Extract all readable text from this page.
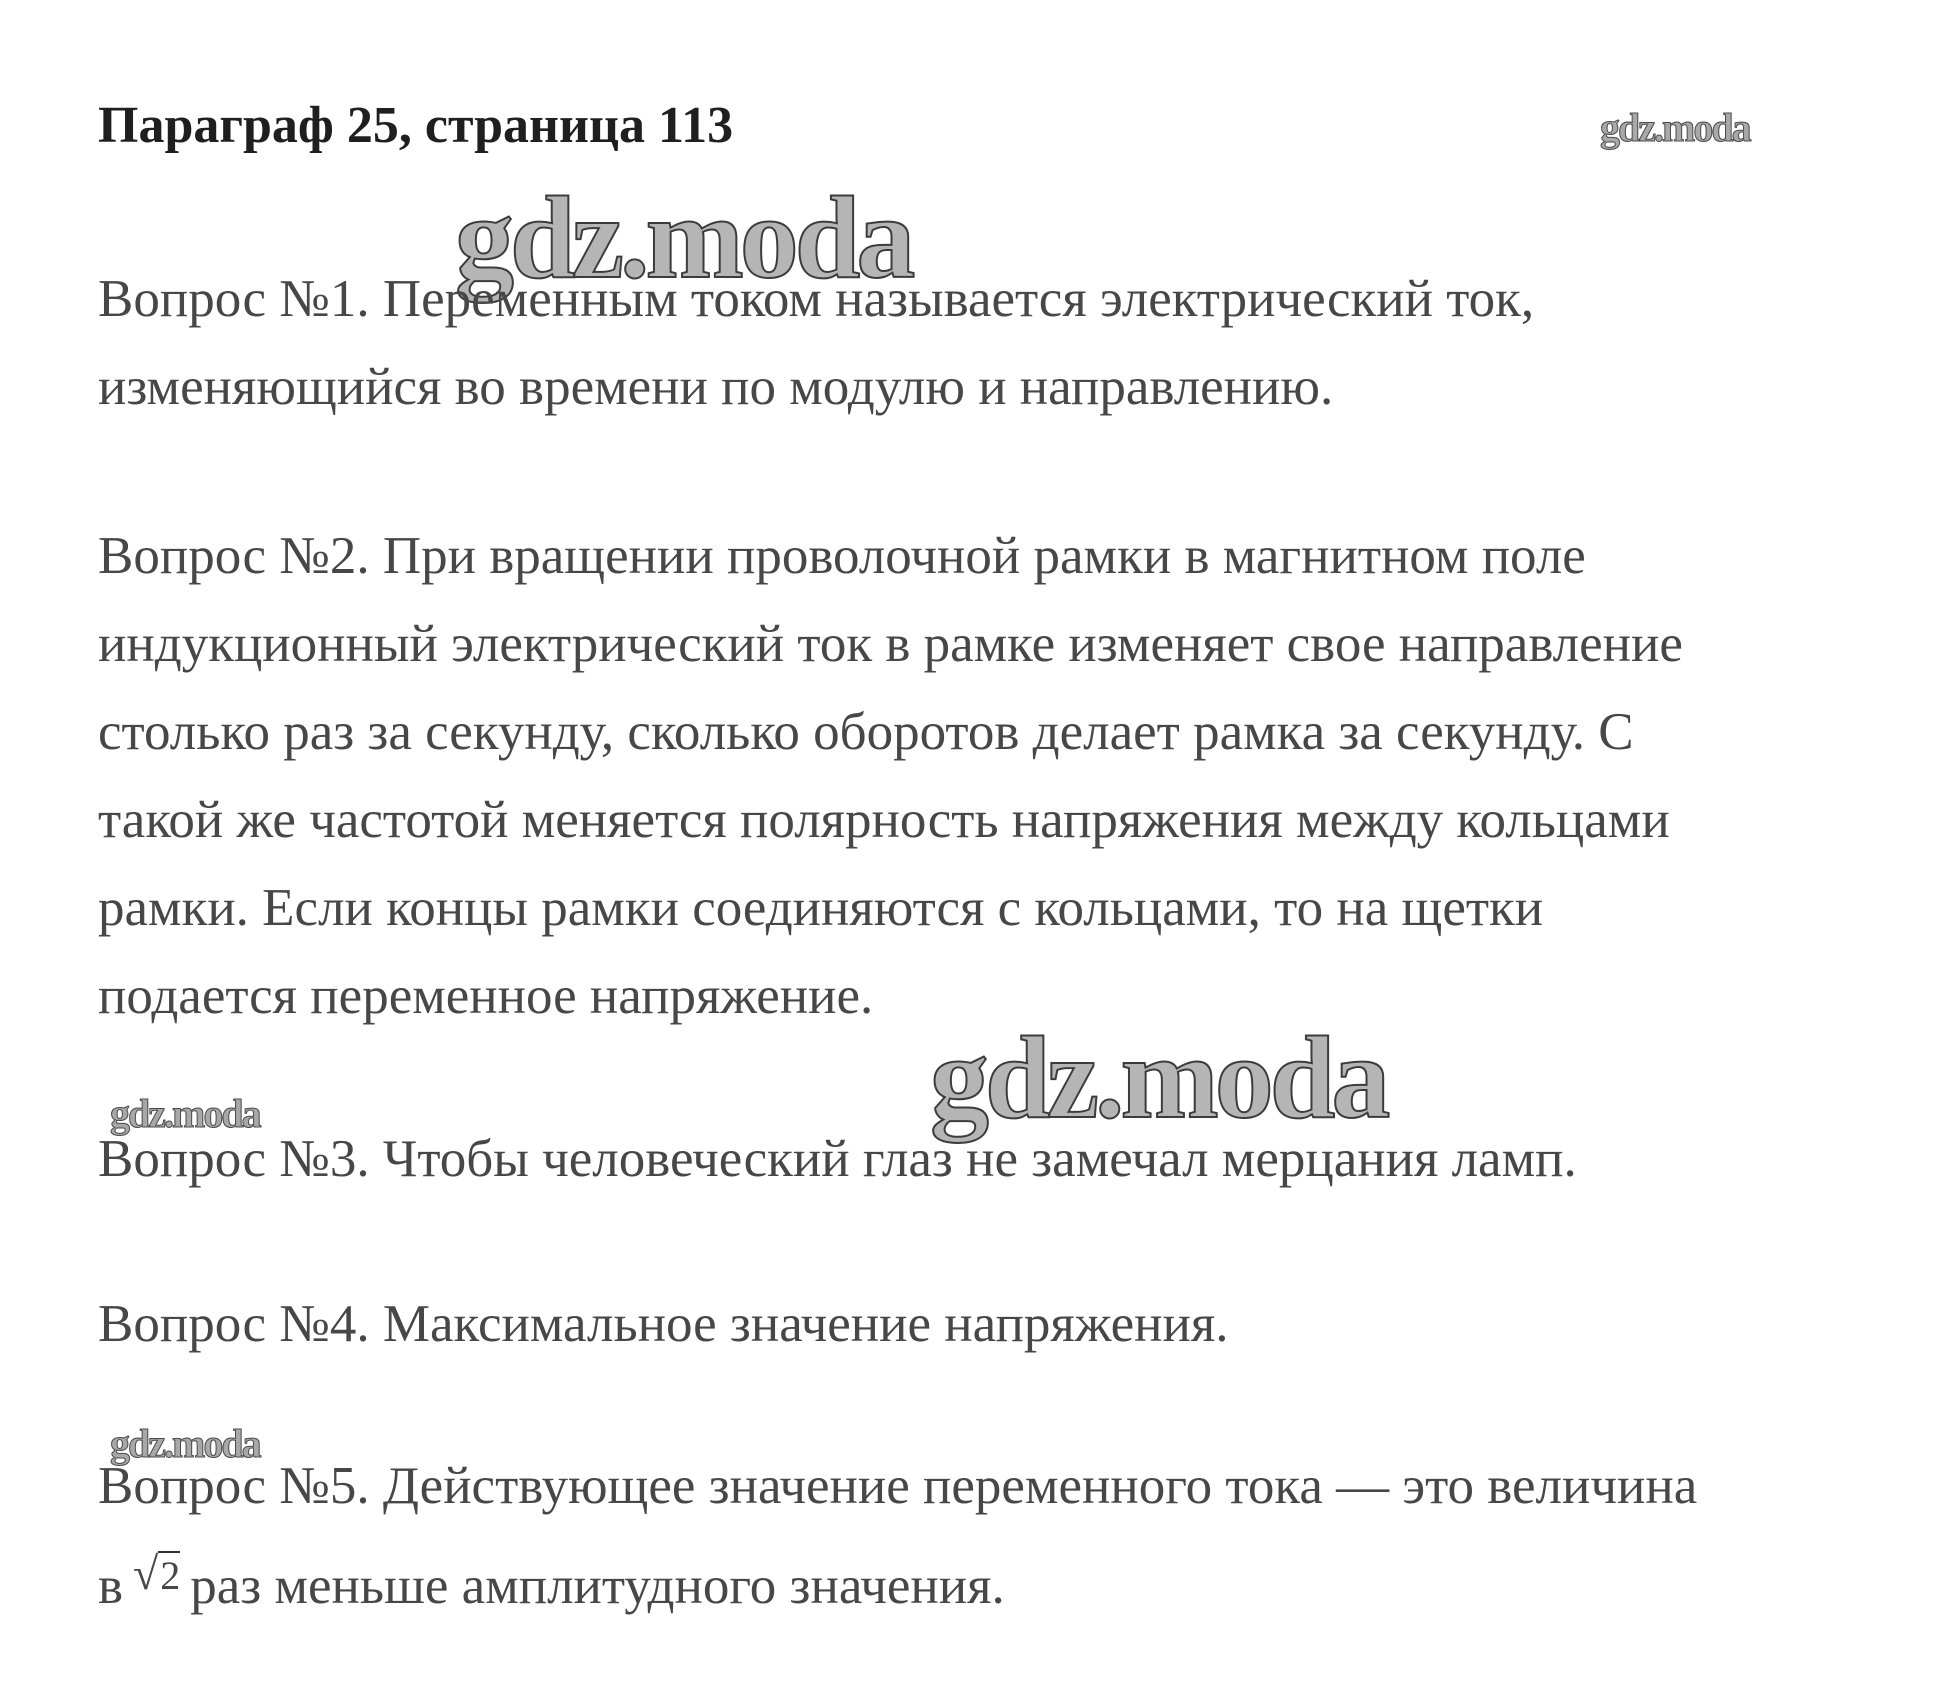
Параграф 25, страница 113	gdz.moda
gdz.moda

Вопрос №1. Переменным током называется электрический ток,

изменяющийся во времени по модулю и направлению.

Вопрос №2. При вращении проволочной рамки в магнитном поле

индукционный электрический ток в рамке изменяет свое направление

столько раз за секунду, сколько оборотов делает рамка за секунду. С

такой же частотой меняется полярность напряжения между кольцами

рамки. Если концы рамки соединяются с кольцами, то на щетки

подается переменное напряжение.

gdz.moda
gdz.moda

Вопрос №3. Чтобы человеческий глаз не замечал мерцания ламп.

Вопрос №4. Максимальное значение напряжения.

gdz.moda

Вопрос №5. Действующее значение переменного тока — это величина

в √2 раз меньше амплитудного значения.
